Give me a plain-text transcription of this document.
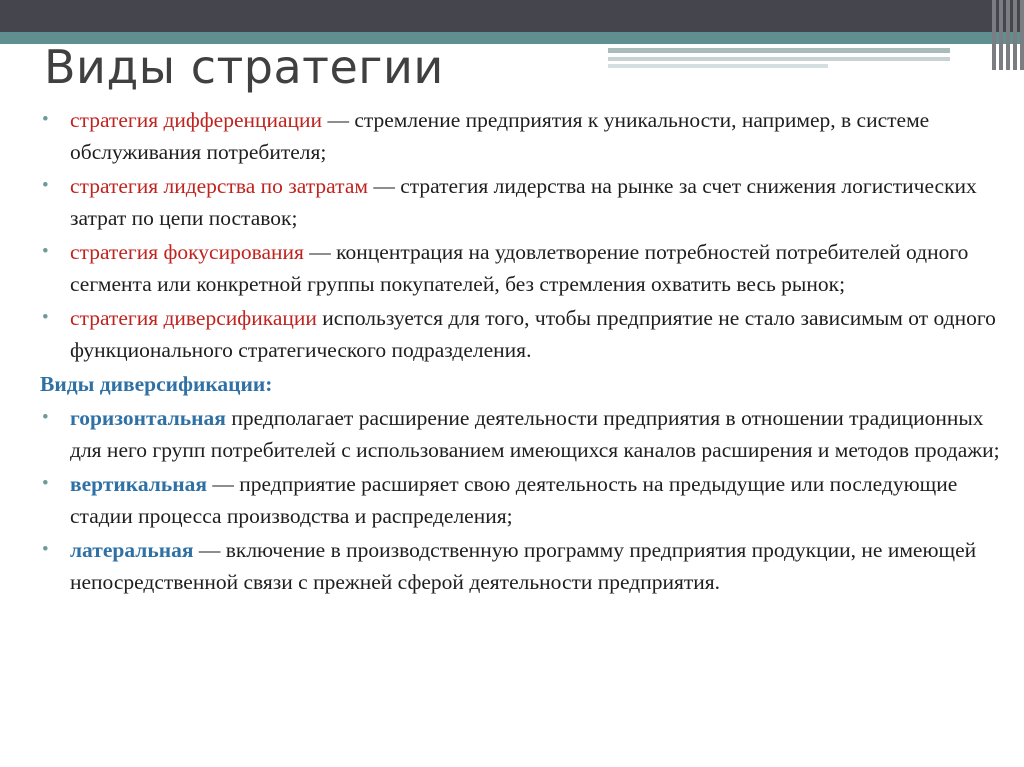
Виды стратегии
• стратегия дифференциации — стремление предприятия к уникальности, например, в системе обслуживания потребителя;
• стратегия лидерства по затратам — стратегия лидерства на рынке за счет снижения логистических затрат по цепи поставок;
• стратегия фокусирования — концентрация на удовлетворение потребностей потребителей одного сегмента или конкретной группы покупателей, без стремления охватить весь рынок;
• стратегия диверсификации используется для того, чтобы предприятие не стало зависимым от одного функционального стратегического подразделения.
Виды диверсификации:
• горизонтальная предполагает расширение деятельности предприятия в отношении традиционных для него групп потребителей с использованием имеющихся каналов расширения и методов продажи;
• вертикальная — предприятие расширяет свою деятельность на предыдущие или последующие стадии процесса производства и распределения;
• латеральная — включение в производственную программу предприятия продукции, не имеющей непосредственной связи с прежней сферой деятельности предприятия.
